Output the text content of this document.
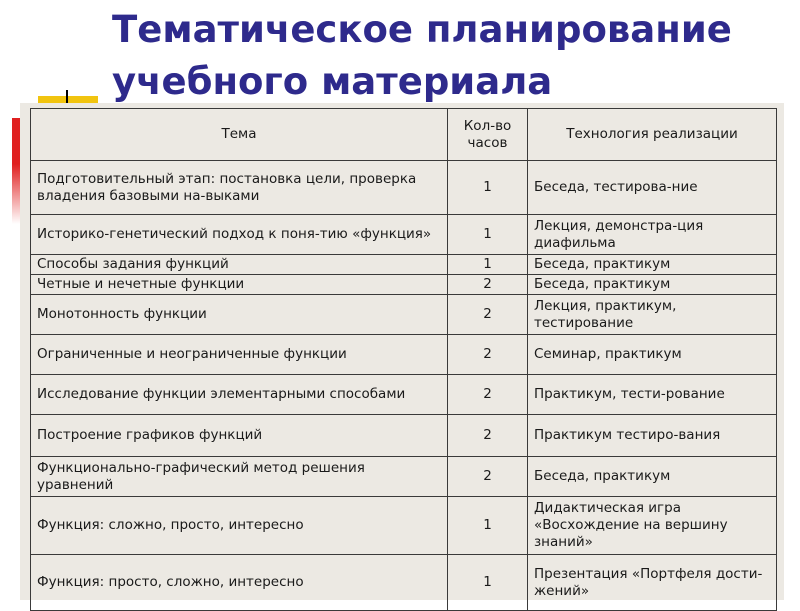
Тематическое планирование учебного материала
Тема	Кол-во часов	Технология реализации
Подготовительный этап: постановка цели, проверка владения базовыми на-выками	1	Беседа, тестирова-ние
Историко-генетический подход к поня-тию «функция»	1	Лекция, демонстра-ция диафильма
Способы задания функций	1	Беседа, практикум
Четные и нечетные функции	2	Беседа, практикум
Монотонность функции	2	Лекция, практикум, тестирование
Ограниченные и неограниченные функции	2	Семинар, практикум
Исследование функции элементарными способами	2	Практикум, тести-рование
Построение графиков функций	2	Практикум тестиро-вания
Функционально-графический метод решения уравнений	2	Беседа, практикум
Функция: сложно, просто, интересно	1	Дидактическая игра «Восхождение на вершину знаний»
Функция: просто, сложно, интересно	1	Презентация «Портфеля дости-жений»
